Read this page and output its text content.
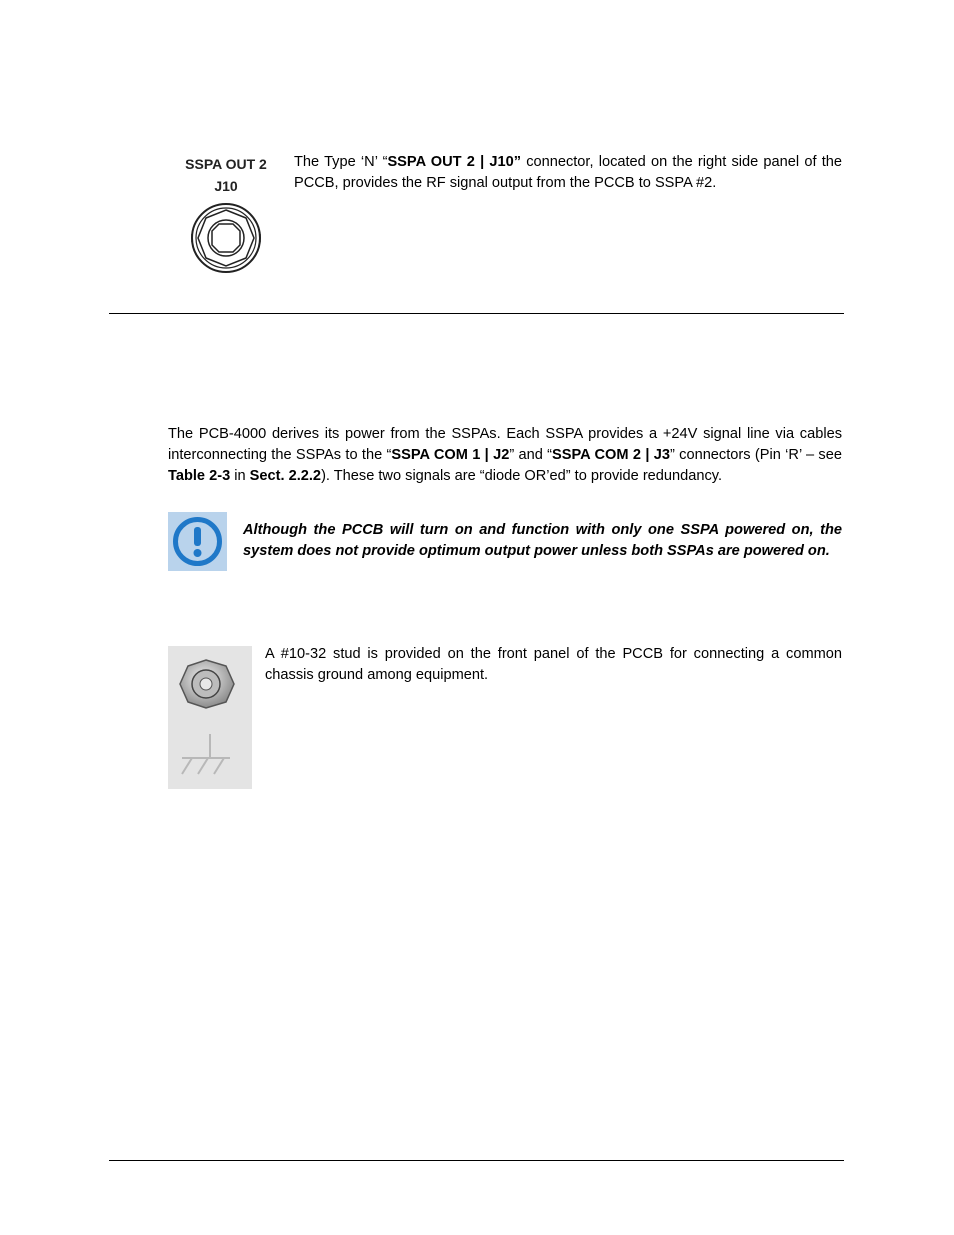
SSPA OUT 2
J10

The Type ‘N’ “SSPA OUT 2 | J10” connector, located on the right side panel of the PCCB, provides the RF signal output from the PCCB to SSPA #2.

The PCB-4000 derives its power from the SSPAs. Each SSPA provides a +24V signal line via cables interconnecting the SSPAs to the “SSPA COM 1 | J2” and “SSPA COM 2 | J3” connectors (Pin ‘R’ – see Table 2-3 in Sect. 2.2.2). These two signals are “diode OR’ed” to provide redundancy.

Although the PCCB will turn on and function with only one SSPA powered on, the system does not provide optimum output power unless both SSPAs are powered on.

A #10-32 stud is provided on the front panel of the PCCB for connecting a common chassis ground among equipment.
